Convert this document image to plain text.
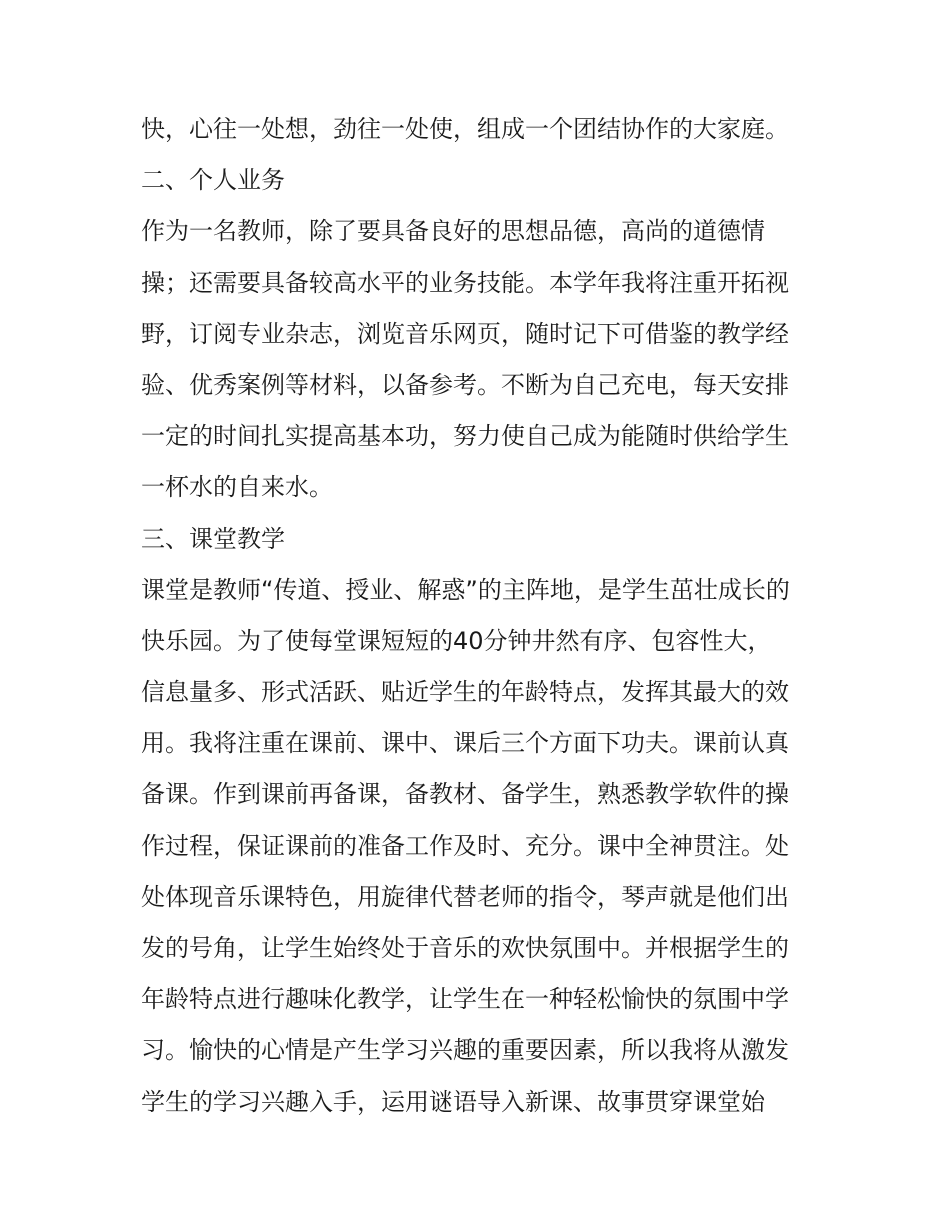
快，心往一处想，劲往一处使，组成一个团结协作的大家庭。

二、个人业务

作为一名教师，除了要具备良好的思想品德，高尚的道德情

操；还需要具备较高水平的业务技能。本学年我将注重开拓视

野，订阅专业杂志，浏览音乐网页，随时记下可借鉴的教学经

验、优秀案例等材料，以备参考。不断为自己充电，每天安排

一定的时间扎实提高基本功，努力使自己成为能随时供给学生

一杯水的自来水。

三、课堂教学

课堂是教师“传道、授业、解惑”的主阵地，是学生茁壮成长的

快乐园。为了使每堂课短短的40分钟井然有序、包容性大，

信息量多、形式活跃、贴近学生的年龄特点，发挥其最大的效

用。我将注重在课前、课中、课后三个方面下功夫。课前认真

备课。作到课前再备课，备教材、备学生，熟悉教学软件的操

作过程，保证课前的准备工作及时、充分。课中全神贯注。处

处体现音乐课特色，用旋律代替老师的指令，琴声就是他们出

发的号角，让学生始终处于音乐的欢快氛围中。并根据学生的

年龄特点进行趣味化教学，让学生在一种轻松愉快的氛围中学

习。愉快的心情是产生学习兴趣的重要因素，所以我将从激发

学生的学习兴趣入手，运用谜语导入新课、故事贯穿课堂始
